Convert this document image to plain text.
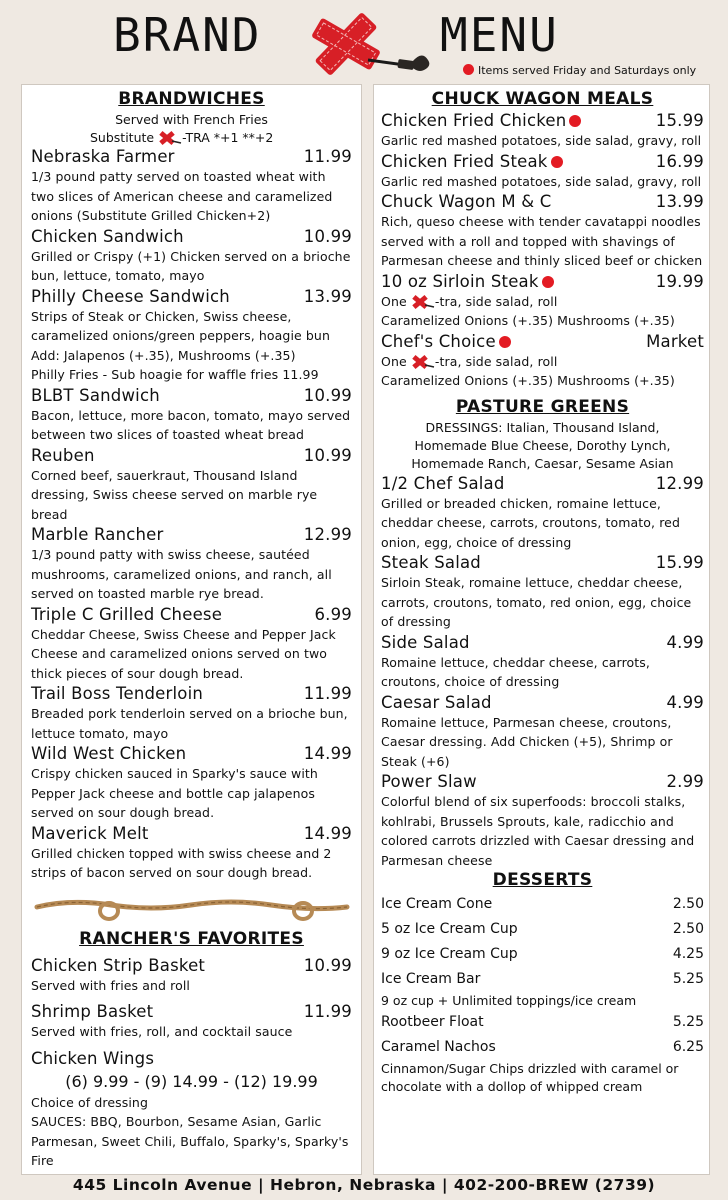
BRAND	MENU
Items served Friday and Saturdays only
BRANDWICHES
Served with French Fries
Substitute -TRA *+1 **+2
Nebraska Farmer	11.99
1/3 pound patty served on toasted wheat with two slices of American cheese and caramelized onions (Substitute Grilled Chicken+2)
Chicken Sandwich	10.99
Grilled or Crispy (+1) Chicken served on a brioche bun, lettuce, tomato, mayo
Philly Cheese Sandwich	13.99
Strips of Steak or Chicken, Swiss cheese, caramelized onions/green peppers, hoagie bun
Add: Jalapenos (+.35), Mushrooms (+.35)
Philly Fries - Sub hoagie for waffle fries 11.99
BLBT Sandwich	10.99
Bacon, lettuce, more bacon, tomato, mayo served between two slices of toasted wheat bread
Reuben	10.99
Corned beef, sauerkraut, Thousand Island dressing, Swiss cheese served on marble rye bread
Marble Rancher	12.99
1/3 pound patty with swiss cheese, sautéed mushrooms, caramelized onions, and ranch, all served on toasted marble rye bread.
Triple C Grilled Cheese	6.99
Cheddar Cheese, Swiss Cheese and Pepper Jack Cheese and caramelized onions served on two thick pieces of sour dough bread.
Trail Boss Tenderloin	11.99
Breaded pork tenderloin served on a brioche bun, lettuce tomato, mayo
Wild West Chicken	14.99
Crispy chicken sauced in Sparky's sauce with Pepper Jack cheese and bottle cap jalapenos served on sour dough bread.
Maverick Melt	14.99
Grilled chicken topped with swiss cheese and 2 strips of bacon served on sour dough bread.
RANCHER'S FAVORITES
Chicken Strip Basket	10.99
Served with fries and roll
Shrimp Basket	11.99
Served with fries, roll, and cocktail sauce
Chicken Wings
(6) 9.99 - (9) 14.99 - (12) 19.99
Choice of dressing
SAUCES: BBQ, Bourbon, Sesame Asian, Garlic Parmesan, Sweet Chili, Buffalo, Sparky's, Sparky's Fire
CHUCK WAGON MEALS
Chicken Fried Chicken	15.99
Garlic red mashed potatoes, side salad, gravy, roll
Chicken Fried Steak	16.99
Garlic red mashed potatoes, side salad, gravy, roll
Chuck Wagon M & C	13.99
Rich, queso cheese with tender cavatappi noodles served with a roll and topped with shavings of Parmesan cheese and thinly sliced beef or chicken
10 oz Sirloin Steak	19.99
One -tra, side salad, roll
Caramelized Onions (+.35) Mushrooms (+.35)
Chef's Choice	Market
One -tra, side salad, roll
Caramelized Onions (+.35) Mushrooms (+.35)
PASTURE GREENS
DRESSINGS: Italian, Thousand Island, Homemade Blue Cheese, Dorothy Lynch, Homemade Ranch, Caesar, Sesame Asian
1/2 Chef Salad	12.99
Grilled or breaded chicken, romaine lettuce, cheddar cheese, carrots, croutons, tomato, red onion, egg, choice of dressing
Steak Salad	15.99
Sirloin Steak, romaine lettuce, cheddar cheese, carrots, croutons, tomato, red onion, egg, choice of dressing
Side Salad	4.99
Romaine lettuce, cheddar cheese, carrots, croutons, choice of dressing
Caesar Salad	4.99
Romaine lettuce, Parmesan cheese, croutons, Caesar dressing. Add Chicken (+5), Shrimp or Steak (+6)
Power Slaw	2.99
Colorful blend of six superfoods: broccoli stalks, kohlrabi, Brussels Sprouts, kale, radicchio and colored carrots drizzled with Caesar dressing and Parmesan cheese
DESSERTS
Ice Cream Cone	2.50
5 oz Ice Cream Cup	2.50
9 oz Ice Cream Cup	4.25
Ice Cream Bar	5.25
9 oz cup + Unlimited toppings/ice cream
Rootbeer Float	5.25
Caramel Nachos	6.25
Cinnamon/Sugar Chips drizzled with caramel or chocolate with a dollop of whipped cream
445 Lincoln Avenue | Hebron, Nebraska | 402-200-BREW (2739)
